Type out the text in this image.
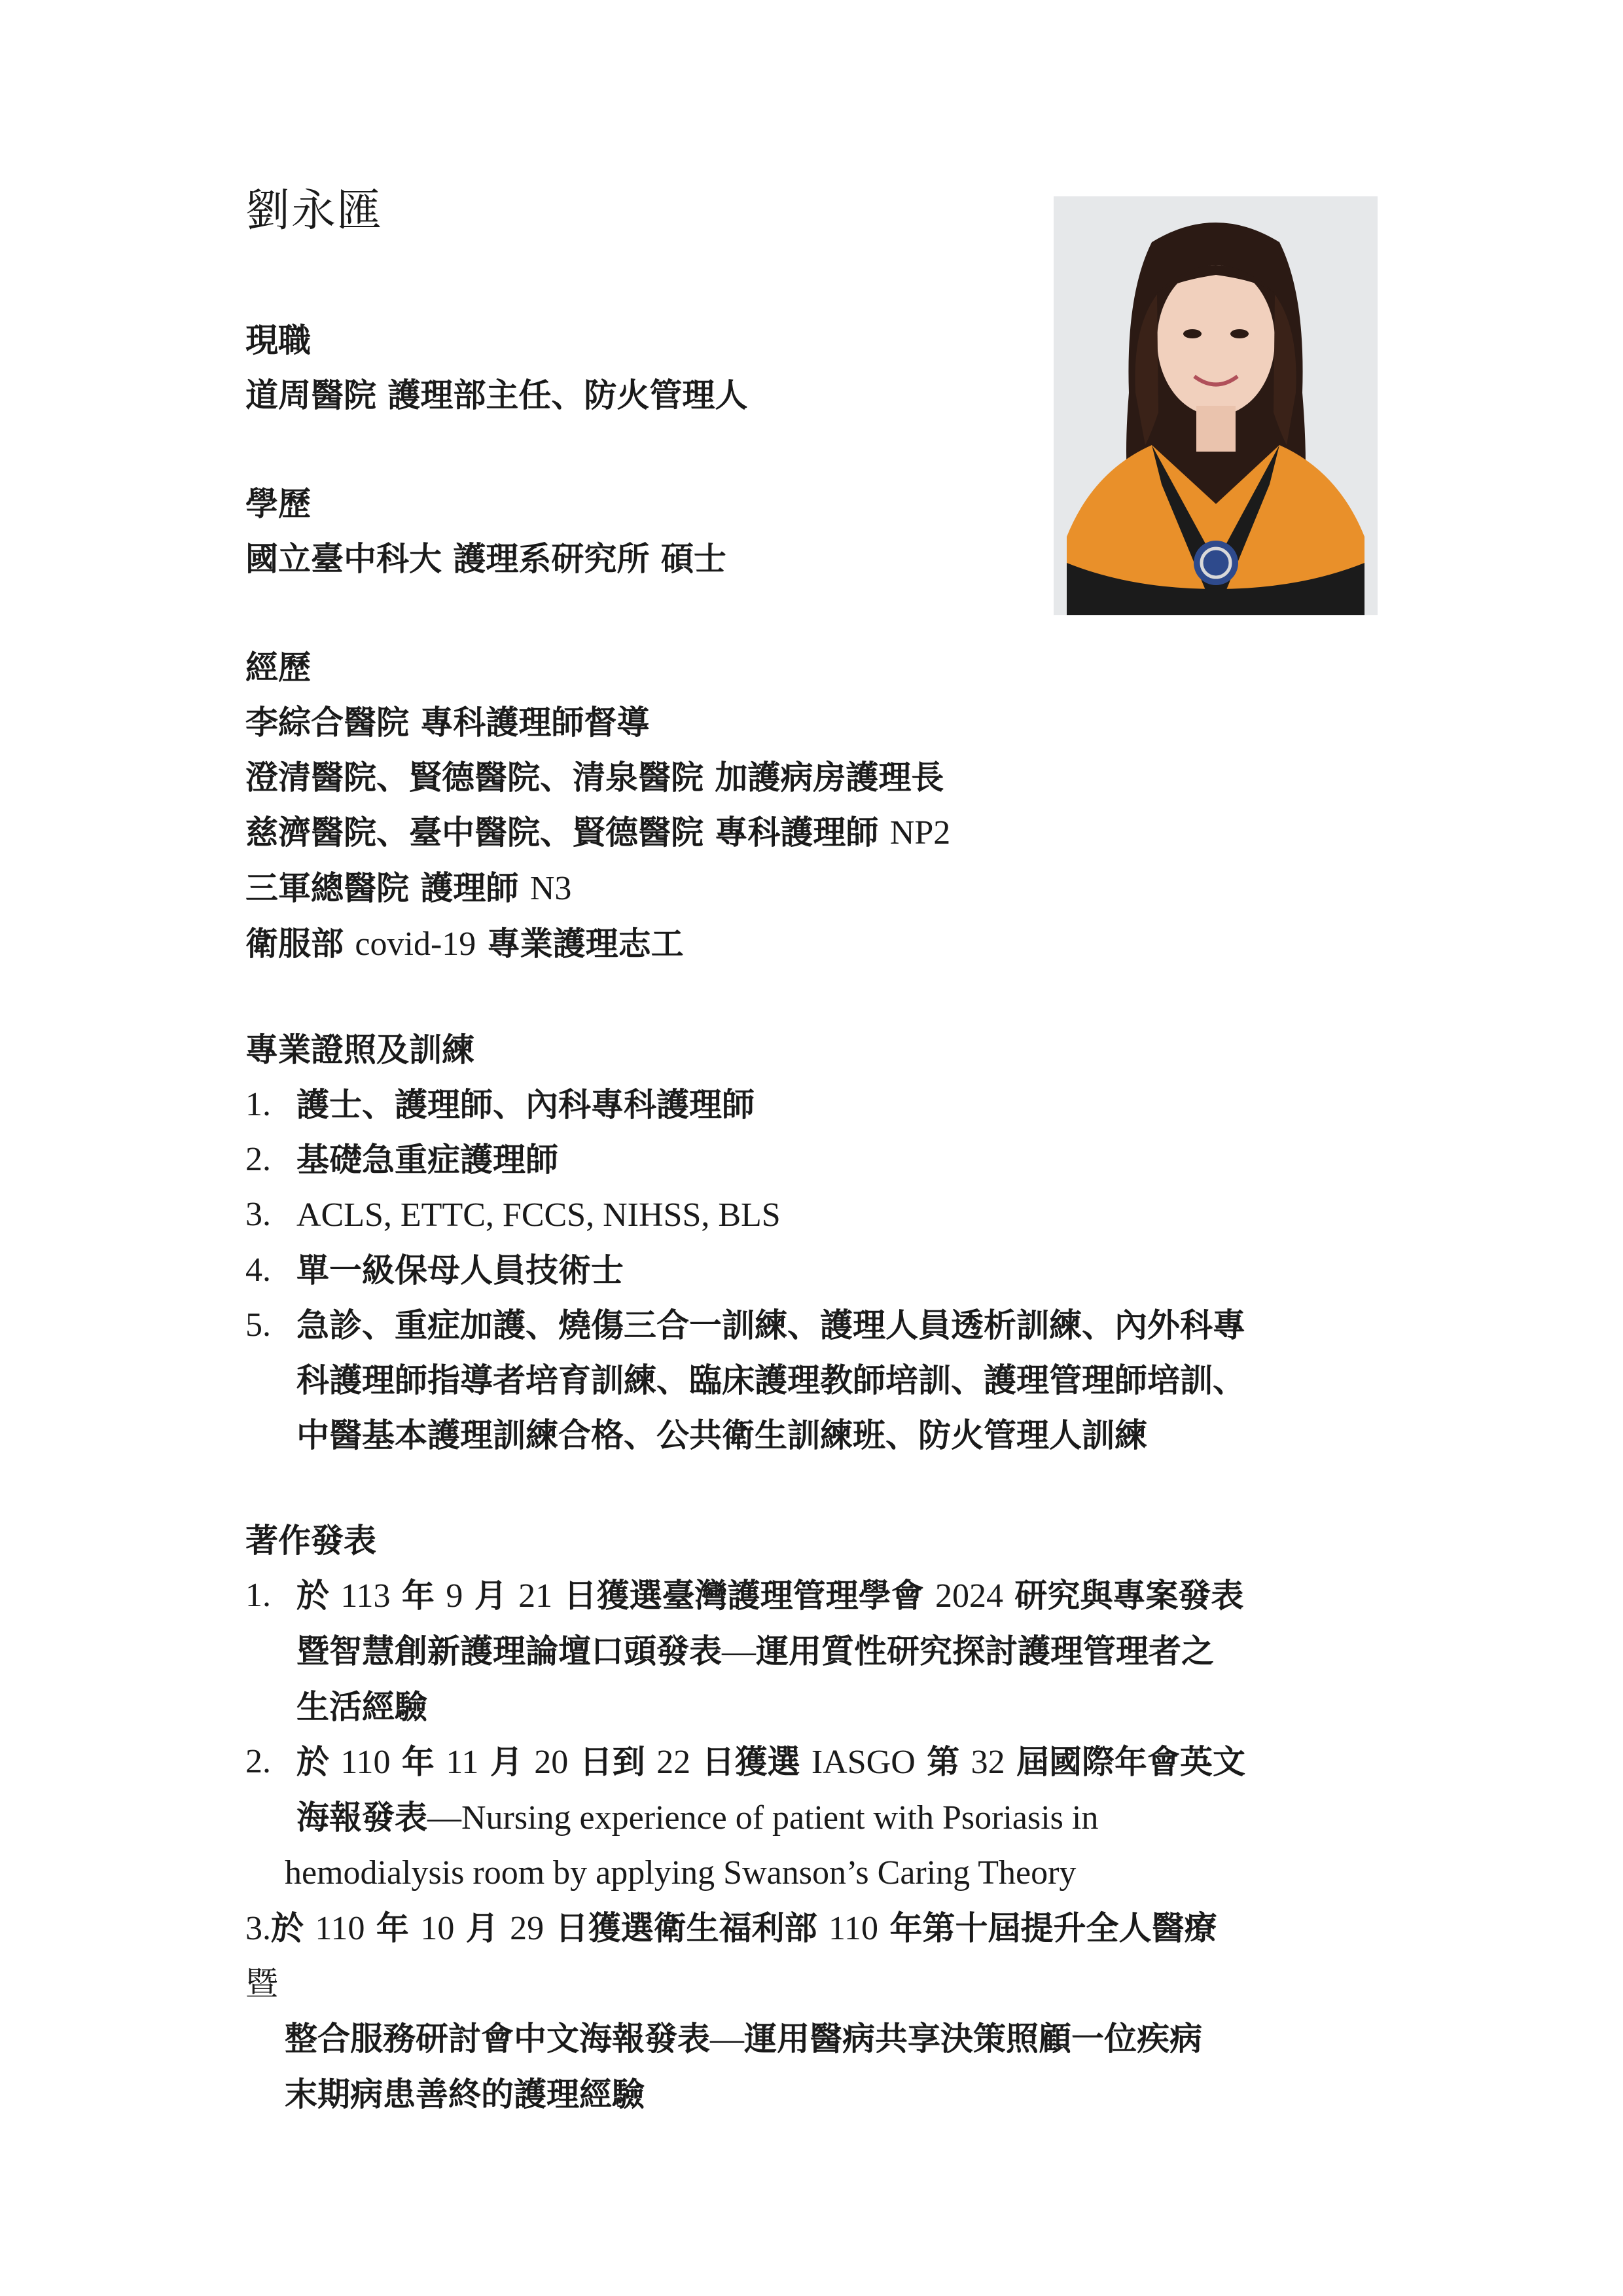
劉永匯
現職
道周醫院 護理部主任、防火管理人
學歷
國立臺中科大 護理系研究所 碩士
經歷
李綜合醫院 專科護理師督導
澄清醫院、賢德醫院、清泉醫院 加護病房護理長
慈濟醫院、臺中醫院、賢德醫院 專科護理師 NP2
三軍總醫院 護理師 N3
衛服部 covid-19 專業護理志工
專業證照及訓練
1. 護士、護理師、內科專科護理師
2. 基礎急重症護理師
3. ACLS, ETTC, FCCS, NIHSS, BLS
4. 單一級保母人員技術士
5. 急診、重症加護、燒傷三合一訓練、護理人員透析訓練、內外科專
科護理師指導者培育訓練、臨床護理教師培訓、護理管理師培訓、
中醫基本護理訓練合格、公共衛生訓練班、防火管理人訓練
著作發表
1. 於 113 年 9 月 21 日獲選臺灣護理管理學會 2024 研究與專案發表
暨智慧創新護理論壇口頭發表—運用質性研究探討護理管理者之
生活經驗
2. 於 110 年 11 月 20 日到 22 日獲選 IASGO 第 32 屆國際年會英文
海報發表—Nursing experience of patient with Psoriasis in
hemodialysis room by applying Swanson’s Caring Theory
3.於 110 年 10 月 29 日獲選衛生福利部 110 年第十屆提升全人醫療
暨
整合服務研討會中文海報發表—運用醫病共享決策照顧一位疾病
末期病患善終的護理經驗
